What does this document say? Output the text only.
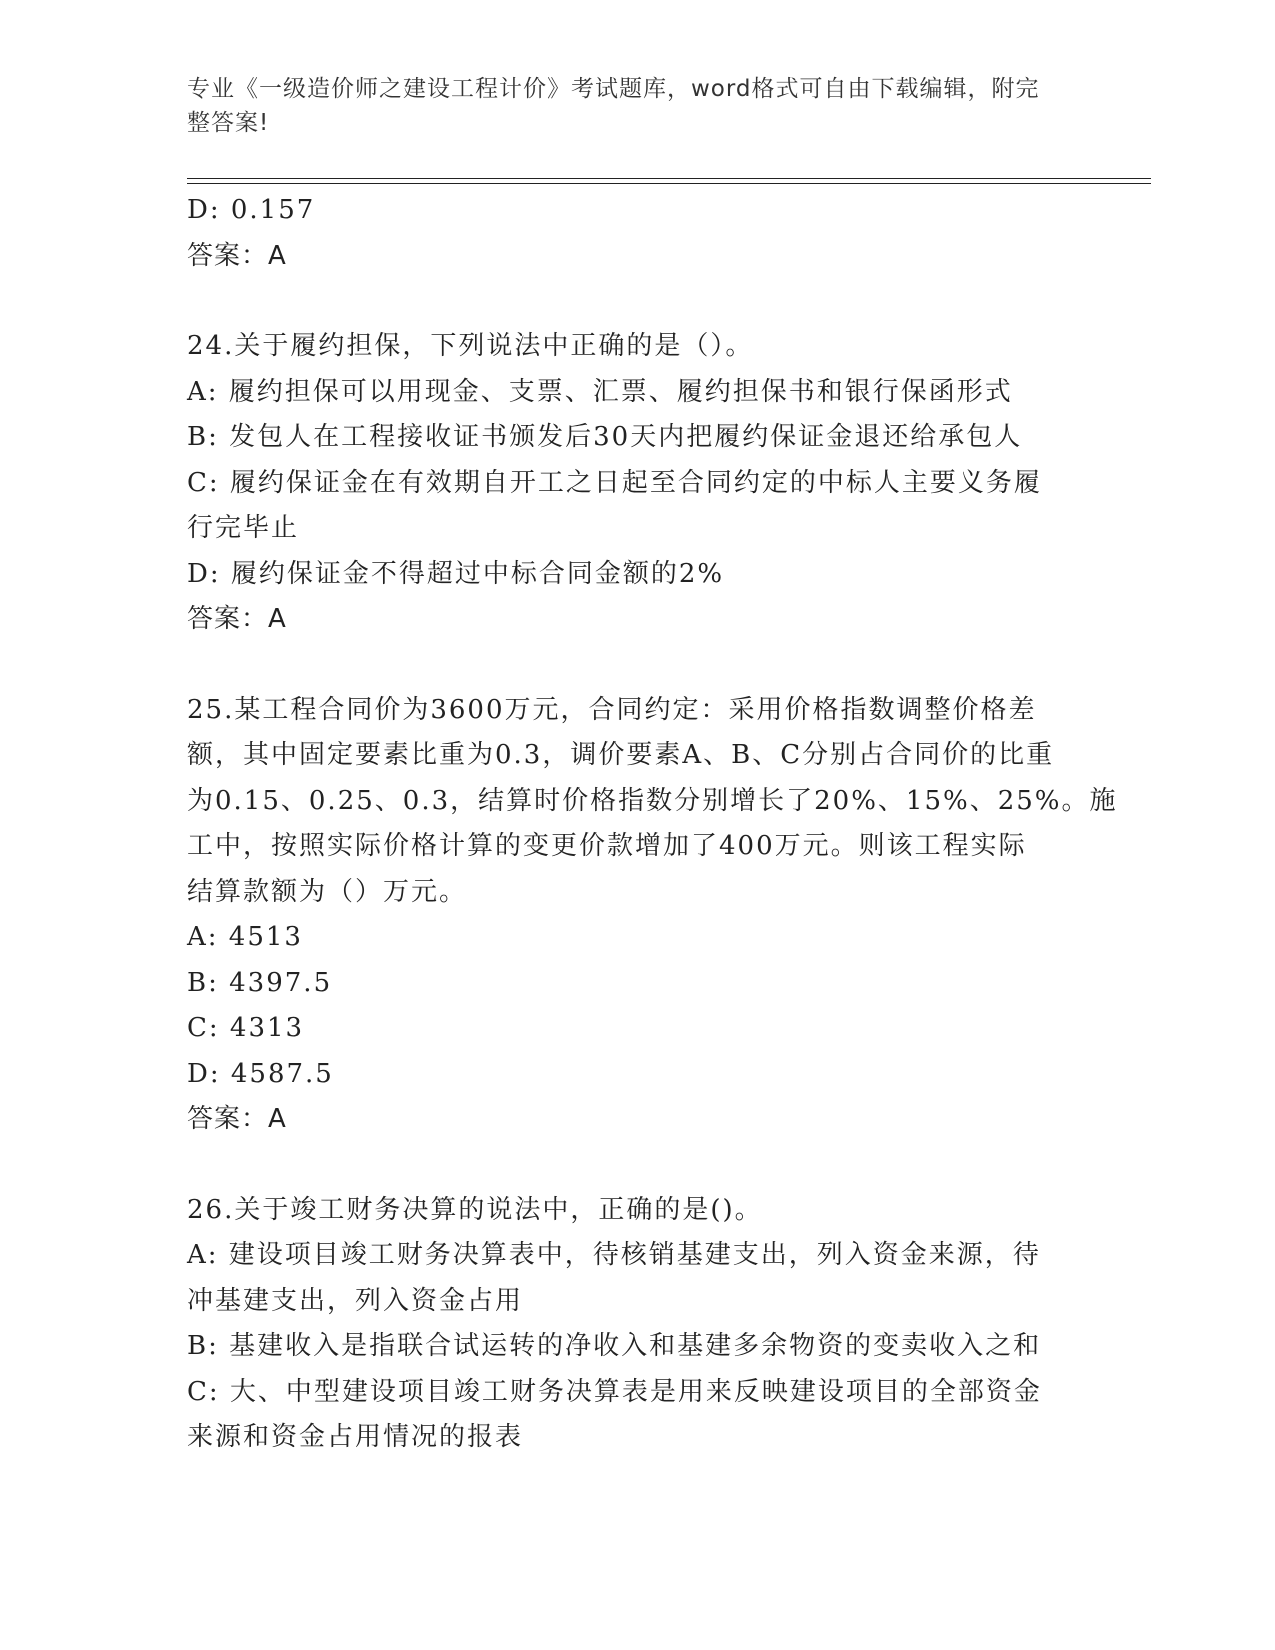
专业《一级造价师之建设工程计价》考试题库，word格式可自由下载编辑，附完
整答案!
D: 0.157
答案：A
24.关于履约担保，下列说法中正确的是（）。
A: 履约担保可以用现金、支票、汇票、履约担保书和银行保函形式
B: 发包人在工程接收证书颁发后30天内把履约保证金退还给承包人
C: 履约保证金在有效期自开工之日起至合同约定的中标人主要义务履
行完毕止
D: 履约保证金不得超过中标合同金额的2%
答案：A
25.某工程合同价为3600万元，合同约定：采用价格指数调整价格差
额，其中固定要素比重为0.3，调价要素A、B、C分别占合同价的比重
为0.15、0.25、0.3，结算时价格指数分别增长了20%、15%、25%。施
工中，按照实际价格计算的变更价款增加了400万元。则该工程实际
结算款额为（）万元。
A: 4513
B: 4397.5
C: 4313
D: 4587.5
答案：A
26.关于竣工财务决算的说法中，正确的是()。
A: 建设项目竣工财务决算表中，待核销基建支出，列入资金来源，待
冲基建支出，列入资金占用
B: 基建收入是指联合试运转的净收入和基建多余物资的变卖收入之和
C: 大、中型建设项目竣工财务决算表是用来反映建设项目的全部资金
来源和资金占用情况的报表
